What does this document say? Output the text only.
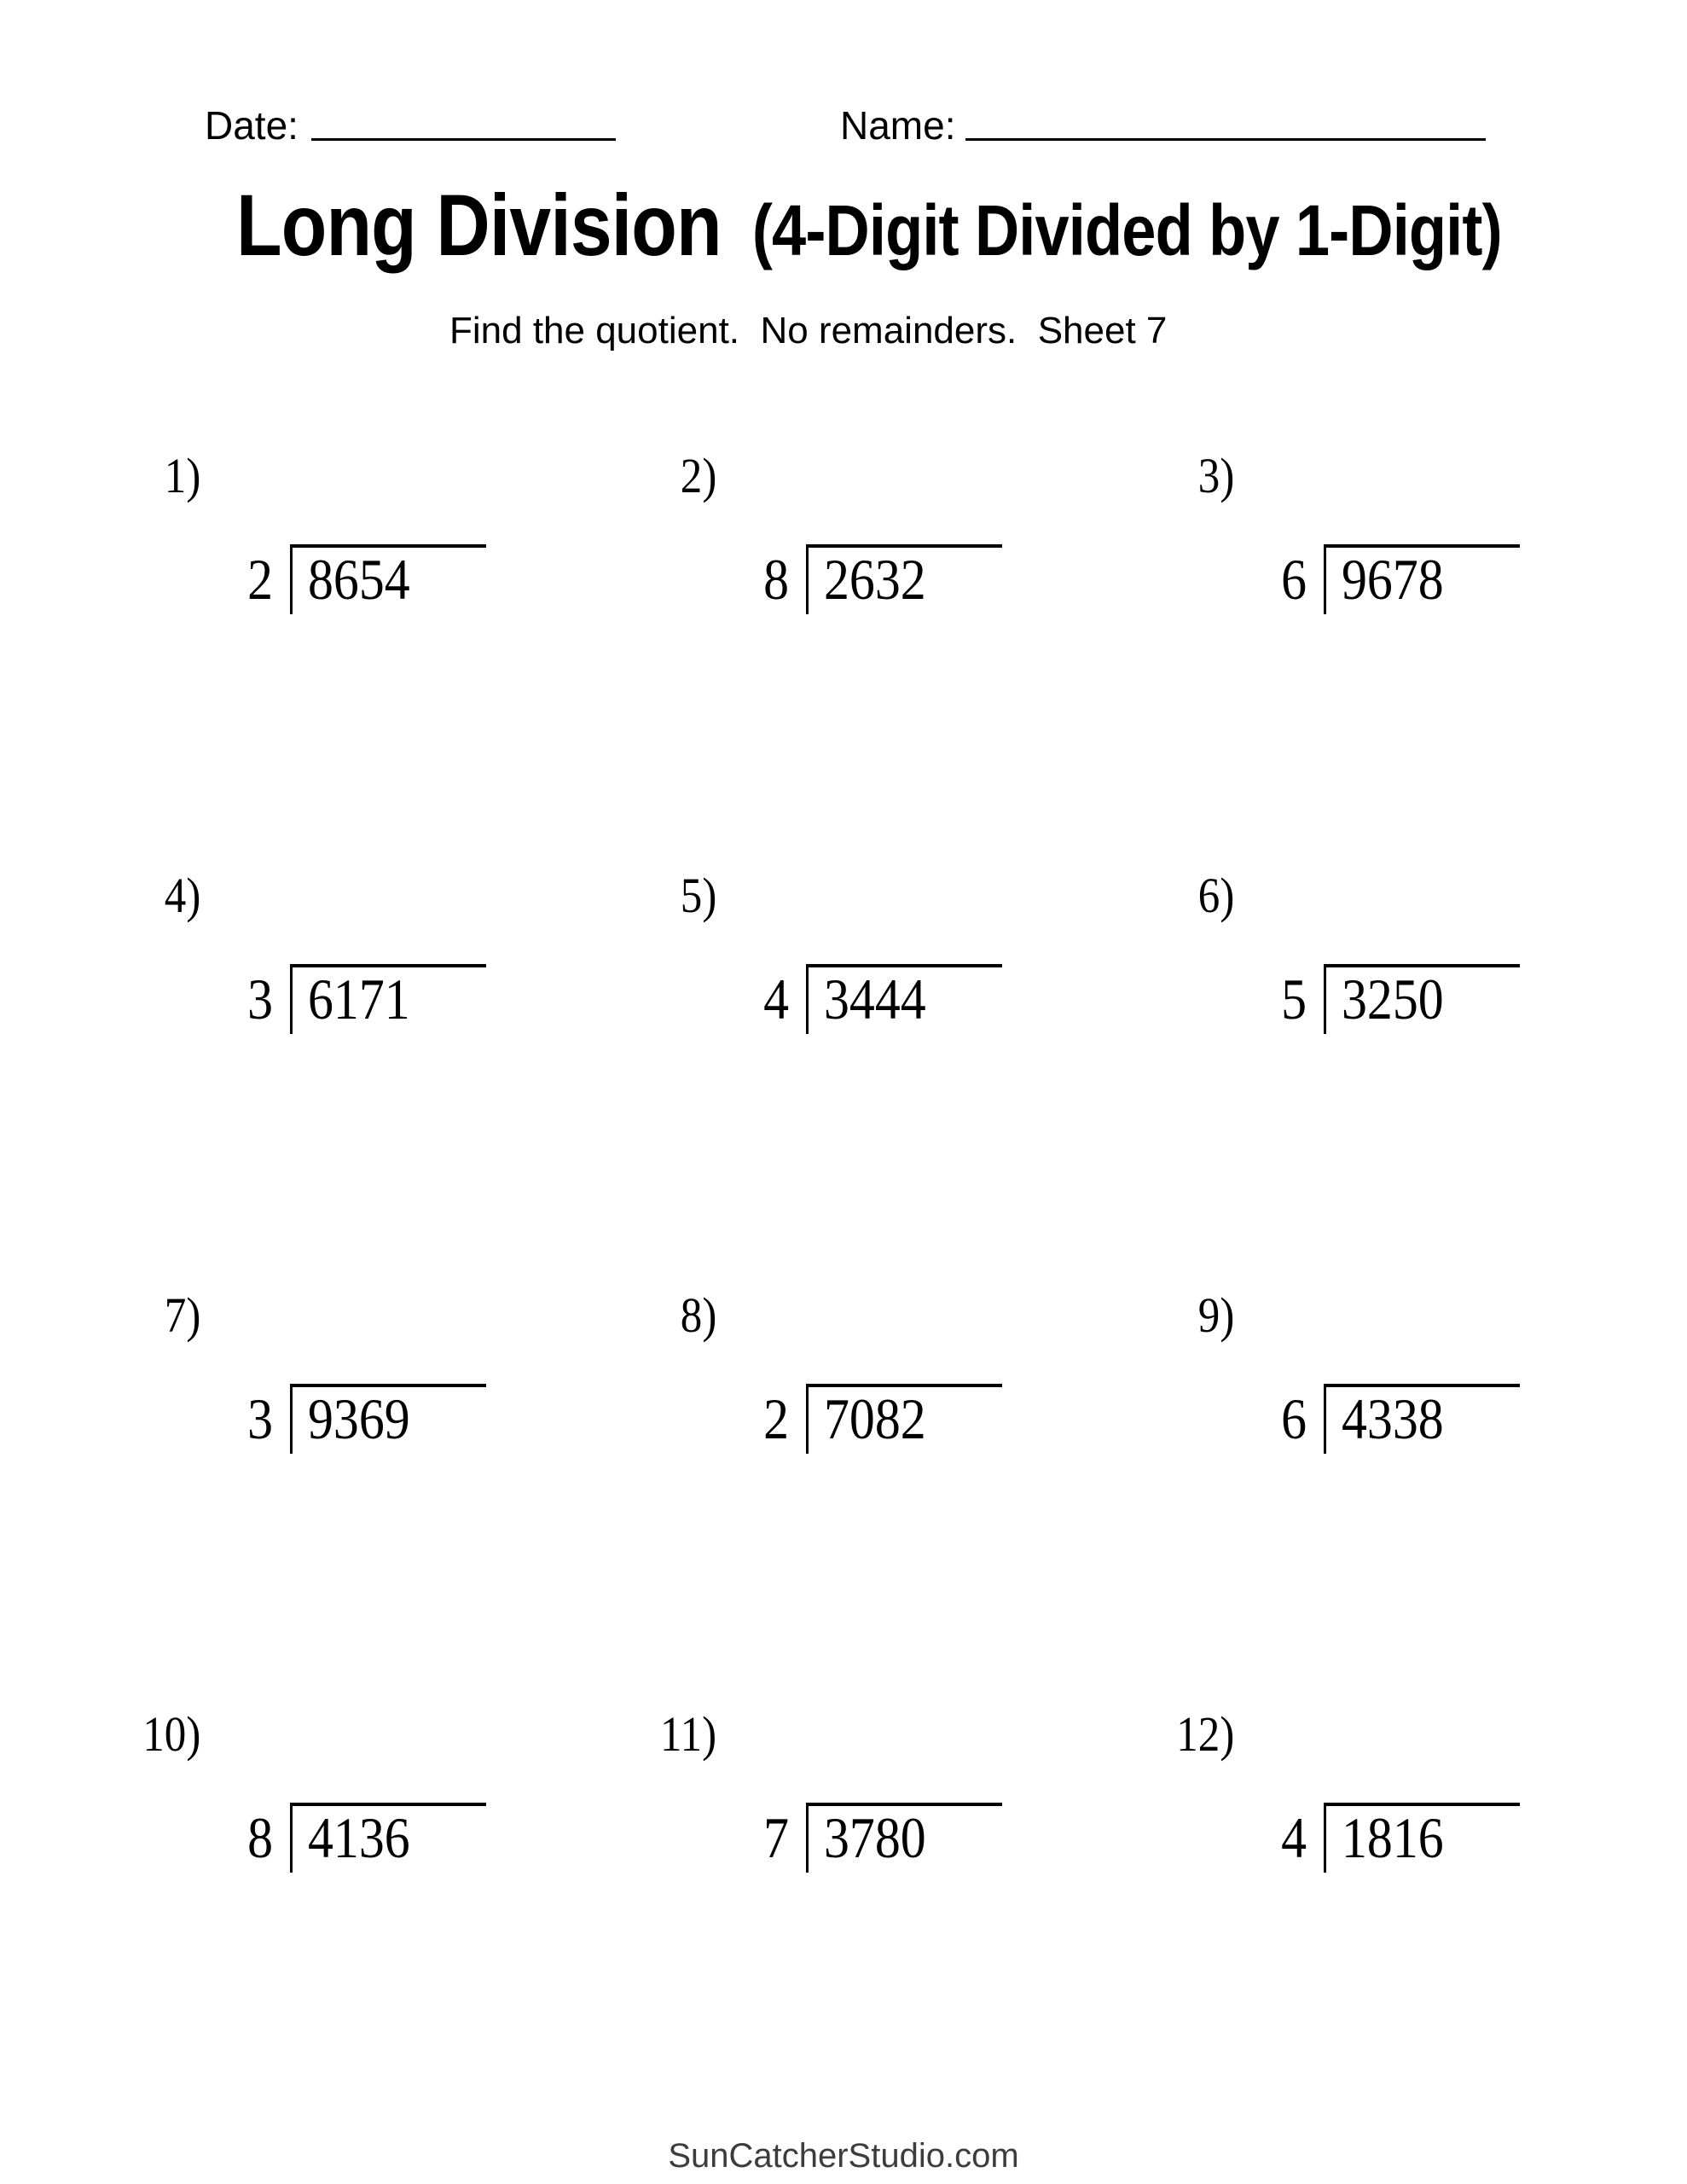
Date:	Name:
Long Division (4-Digit Divided by 1-Digit)
Find the quotient.  No remainders.  Sheet 7
1)
2 8654
2)
8 2632
3)
6 9678
4)
3 6171
5)
4 3444
6)
5 3250
7)
3 9369
8)
2 7082
9)
6 4338
10)
8 4136
11)
7 3780
12)
4 1816
SunCatcherStudio.com
